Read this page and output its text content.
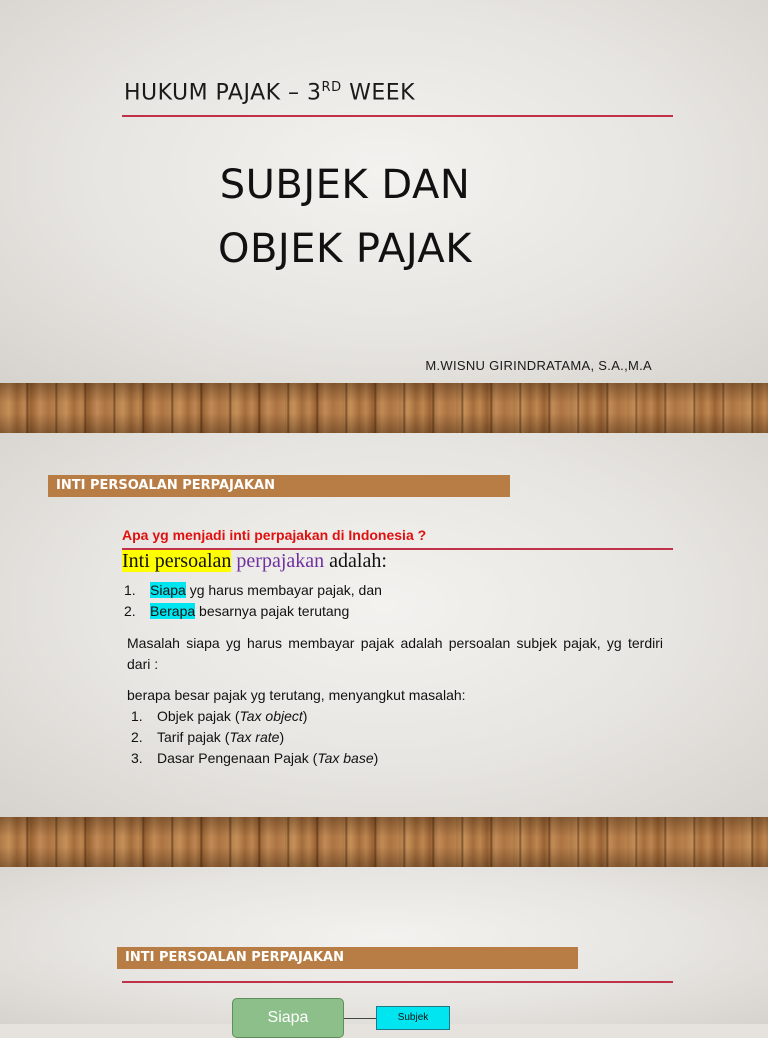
HUKUM PAJAK – 3RD WEEK
SUBJEK DAN
OBJEK PAJAK
M.WISNU GIRINDRATAMA, S.A.,M.A
INTI PERSOALAN PERPAJAKAN
Apa yg menjadi inti perpajakan di Indonesia ?
Inti persoalan perpajakan adalah:
1. Siapa yg harus membayar pajak, dan
2. Berapa besarnya pajak terutang
Masalah siapa yg harus membayar pajak adalah persoalan subjek pajak, yg terdiri dari :
berapa besar pajak yg terutang, menyangkut masalah:
1. Objek pajak (Tax object)
2. Tarif pajak (Tax rate)
3. Dasar Pengenaan Pajak (Tax base)
INTI PERSOALAN PERPAJAKAN
Siapa	Subjek
